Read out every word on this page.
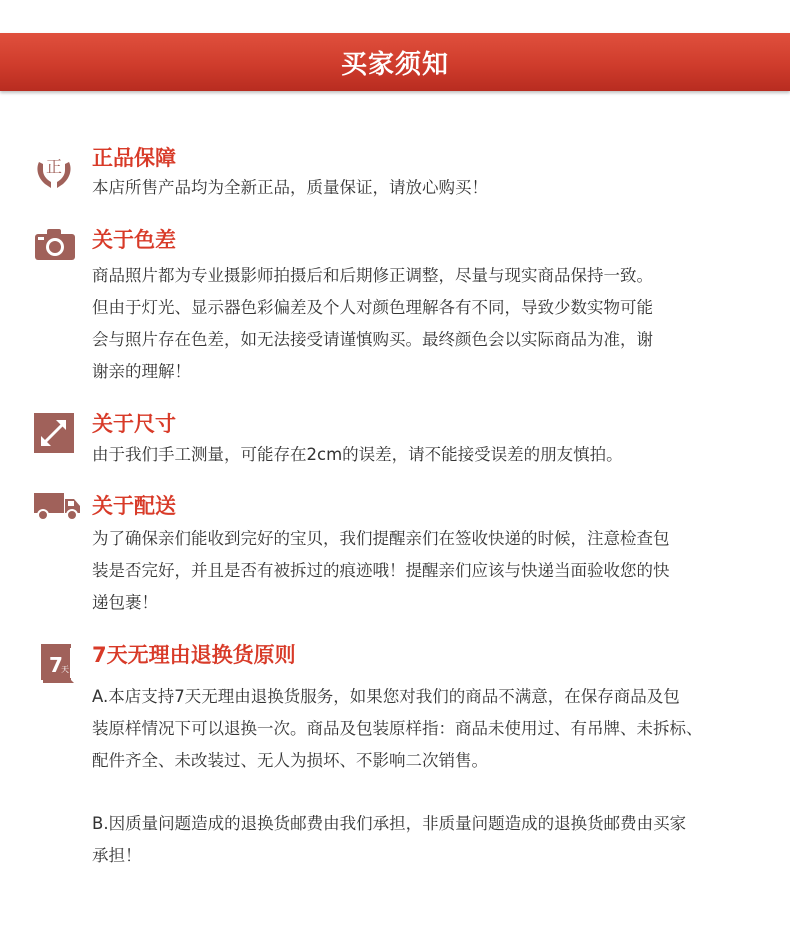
买家须知
正 正品保障

本店所售产品均为全新正品，质量保证，请放心购买！

关于色差

商品照片都为专业摄影师拍摄后和后期修正调整，尽量与现实商品保持一致。

但由于灯光、显示器色彩偏差及个人对颜色理解各有不同，导致少数实物可能

会与照片存在色差，如无法接受请谨慎购买。最终颜色会以实际商品为准，谢

谢亲的理解！

关于尺寸

由于我们手工测量，可能存在2cm的误差，请不能接受误差的朋友慎拍。

关于配送

为了确保亲们能收到完好的宝贝，我们提醒亲们在签收快递的时候，注意检查包

装是否完好，并且是否有被拆过的痕迹哦！提醒亲们应该与快递当面验收您的快

递包裹！

7
天
7天无理由退换货原则

A.本店支持7天无理由退换货服务，如果您对我们的商品不满意，在保存商品及包

装原样情况下可以退换一次。商品及包装原样指：商品未使用过、有吊牌、未拆标、

配件齐全、未改装过、无人为损坏、不影响二次销售。

B.因质量问题造成的退换货邮费由我们承担，非质量问题造成的退换货邮费由买家

承担！
